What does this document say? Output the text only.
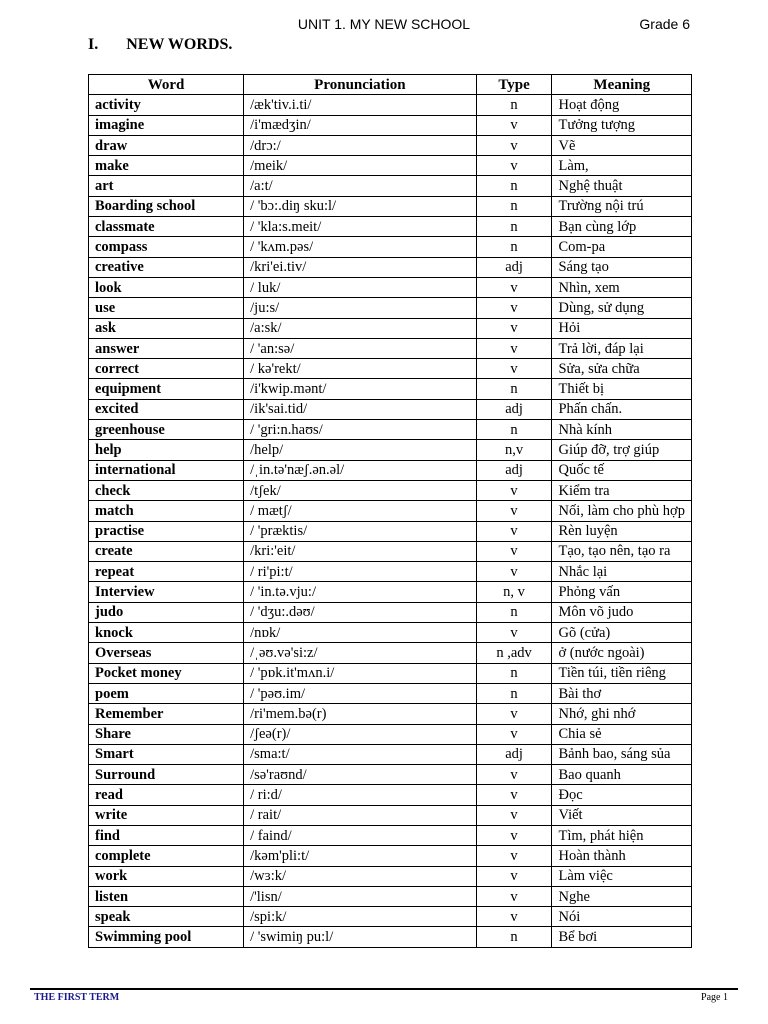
UNIT 1. MY NEW SCHOOL	Grade 6
I. NEW WORDS.
Word	Pronunciation	Type	Meaning
activity	/æk'tiv.i.ti/	n	Hoạt động
imagine	/i'mædʒin/	v	Tưởng tượng
draw	/drɔ:/	v	Vẽ
make	/meik/	v	Làm,
art	/a:t/	n	Nghệ thuật
Boarding school	/ 'bɔ:.diŋ sku:l/	n	Trường nội trú
classmate	/ 'kla:s.meit/	n	Bạn cùng lớp
compass	/ 'kʌm.pəs/	n	Com-pa
creative	/kri'ei.tiv/	adj	Sáng tạo
look	/ luk/	v	Nhìn, xem
use	/ju:s/	v	Dùng, sử dụng
ask	/a:sk/	v	Hỏi
answer	/ 'an:sə/	v	Trả lời, đáp lại
correct	/ kə'rekt/	v	Sửa, sửa chữa
equipment	/i'kwip.mənt/	n	Thiết bị
excited	/ik'sai.tid/	adj	Phấn chấn.
greenhouse	/ 'gri:n.haʊs/	n	Nhà kính
help	/help/	n,v	Giúp đỡ, trợ giúp
international	/ˌin.tə'næʃ.ən.əl/	adj	Quốc tế
check	/tʃek/	v	Kiểm tra
match	/ mætʃ/	v	Nối, làm cho phù hợp
practise	/ 'præktis/	v	Rèn luyện
create	/kri:'eit/	v	Tạo, tạo nên, tạo ra
repeat	/ ri'pi:t/	v	Nhắc lại
Interview	/ 'in.tə.vju:/	n, v	Phỏng vấn
judo	/ 'dʒu:.dəʊ/	n	Môn võ judo
knock	/nɒk/	v	Gõ (cửa)
Overseas	/ˌəʊ.və'si:z/	n ,adv	ở (nước ngoài)
Pocket money	/ 'pɒk.it'mʌn.i/	n	Tiền túi, tiền riêng
poem	/ 'pəʊ.im/	n	Bài thơ
Remember	/ri'mem.bə(r)	v	Nhớ, ghi nhớ
Share	/ʃeə(r)/	v	Chia sẻ
Smart	/sma:t/	adj	Bảnh bao, sáng sủa
Surround	/sə'raʊnd/	v	Bao quanh
read	/ ri:d/	v	Đọc
write	/ rait/	v	Viết
find	/ faind/	v	Tìm, phát hiện
complete	/kəm'pli:t/	v	Hoàn thành
work	/wɜ:k/	v	Làm việc
listen	/'lisn/	v	Nghe
speak	/spi:k/	v	Nói
Swimming pool	/ 'swimiŋ pu:l/	n	Bể bơi
THE FIRST TERM	Page 1
